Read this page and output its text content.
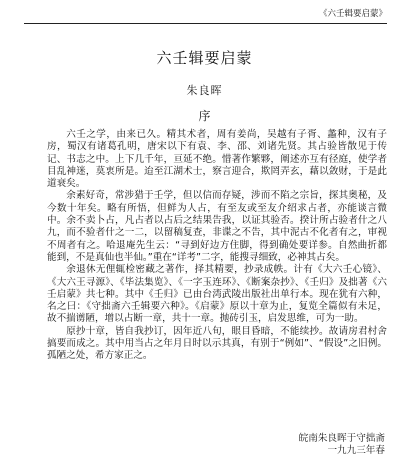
《六壬辑要启蒙》
六壬辑要启蒙
朱良晖
序

六壬之学，由来已久。精其术者，周有姜尚，吴越有子胥、蠡种，汉有子房，蜀汉有诸葛孔明，唐宋以下有袁、李、邵、刘诸先贤。其占验皆散见于传记、书志之中。上下几千年，亘延不绝。惜著作繁夥，阐述亦互有径庭，使学者目乱神迷，莫衷所是。迨至江湖术士，察言迎合，欺罔弄玄，藉以敛财，于是此道衰矣。

余素好奇，常涉猎于壬学，但以信而存疑，涉而不陷之宗旨，探其奥秘，及今数十年矣。略有所悟，但鲜为人占，有至友或至友介绍求占者，亦能谈言微中。余不卖卜占，凡占者以占后之结果告我，以证其验否。揆计所占验者什之八九，而不验者什之一二，以留稿复查，非谍之不告，其中泥古不化者有之，审视不周者有之。哈退庵先生云：“寻到好边方住脚，得到确处要详参。自然曲折都能到，不是真仙也半仙。”重在“详考”二字，能搜寻细致，必神其占矣。

余退休无俚辄检密藏之著作，择其精要，抄录成帙。计有《大六壬心镜》、《大六王寻源》、《毕法集览》、《一字玉连环》、《断案杂抄》、《壬归》及拙著《六壬启蒙》共七种。其中《壬归》已由台湾武陵出版社出单行本。现在犹有六种，名之曰：《守拙斋六壬辑要六种》。《启蒙》原以十章为止，复览全篇似有未足，故不揣谫陋，增以占断一章，共十一章。抛砖引玉，启发思维，可为一助。

原抄十章，皆自我抄订，因年近八旬，眼目昏暗，不能续抄。故请房君村舍搞要而成之。其中用当占之年月日时以示其真，有别于“例如”、“假设”之旧例。孤陋之处，希方家正之。

皖南朱良晖于守拙斋
一九九三年春
